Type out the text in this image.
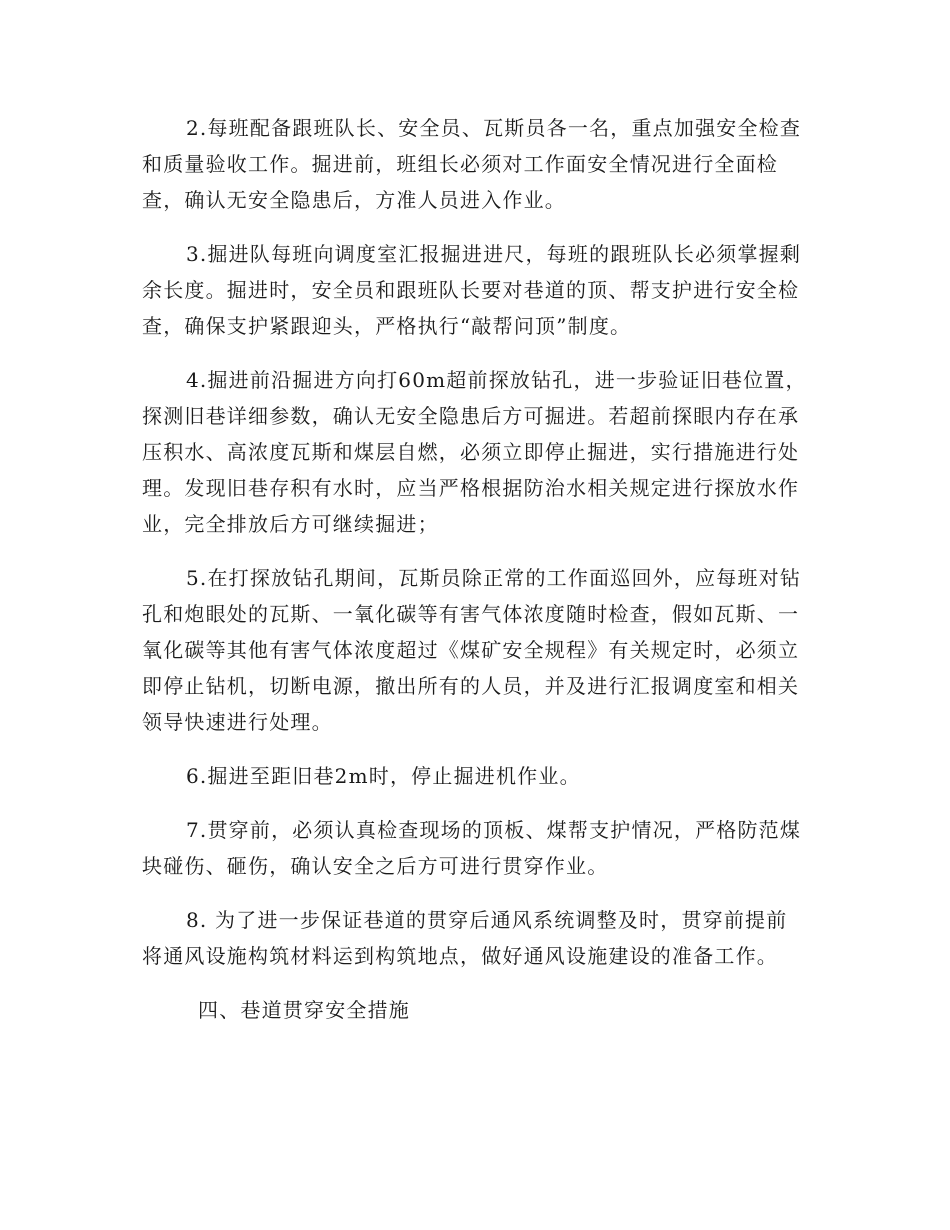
2.每班配备跟班队长、安全员、瓦斯员各一名，重点加强安全检查和质量验收工作。掘进前，班组长必须对工作面安全情况进行全面检查，确认无安全隐患后，方准人员进入作业。

3.掘进队每班向调度室汇报掘进进尺，每班的跟班队长必须掌握剩余长度。掘进时，安全员和跟班队长要对巷道的顶、帮支护进行安全检查，确保支护紧跟迎头，严格执行“敲帮问顶”制度。

4.掘进前沿掘进方向打60m超前探放钻孔，进一步验证旧巷位置，探测旧巷详细参数，确认无安全隐患后方可掘进。若超前探眼内存在承压积水、高浓度瓦斯和煤层自燃，必须立即停止掘进，实行措施进行处理。发现旧巷存积有水时，应当严格根据防治水相关规定进行探放水作业，完全排放后方可继续掘进；

5.在打探放钻孔期间，瓦斯员除正常的工作面巡回外，应每班对钻孔和炮眼处的瓦斯、一氧化碳等有害气体浓度随时检查，假如瓦斯、一氧化碳等其他有害气体浓度超过《煤矿安全规程》有关规定时，必须立即停止钻机，切断电源，撤出所有的人员，并及进行汇报调度室和相关领导快速进行处理。

6.掘进至距旧巷2m时，停止掘进机作业。

7.贯穿前，必须认真检查现场的顶板、煤帮支护情况，严格防范煤块碰伤、砸伤，确认安全之后方可进行贯穿作业。

8. 为了进一步保证巷道的贯穿后通风系统调整及时，贯穿前提前将通风设施构筑材料运到构筑地点，做好通风设施建设的准备工作。

四、巷道贯穿安全措施
